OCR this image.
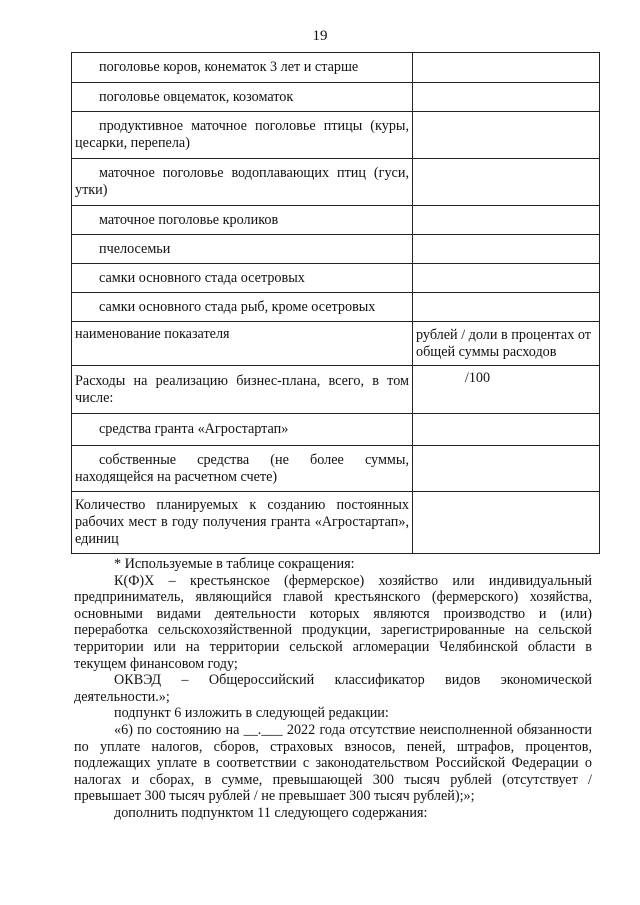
19
поголовье коров, конематок 3 лет и старше	
поголовье овцематок, козоматок	
продуктивное маточное поголовье птицы (куры, цесарки, перепела)	
маточное поголовье водоплавающих птиц (гуси, утки)	
маточное поголовье кроликов	
пчелосемьи	
самки основного стада осетровых	
самки основного стада рыб, кроме осетровых	
наименование показателя	рублей / доли в процентах от общей суммы расходов
Расходы на реализацию бизнес-плана, всего, в том числе:	/100
средства гранта «Агростартап»	
собственные средства (не более суммы, находящейся на расчетном счете)	
Количество планируемых к созданию постоянных рабочих мест в году получения гранта «Агростартап», единиц	

* Используемые в таблице сокращения:

К(Ф)Х – крестьянское (фермерское) хозяйство или индивидуальный предприниматель, являющийся главой крестьянского (фермерского) хозяйства, основными видами деятельности которых являются производство и (или) переработка сельскохозяйственной продукции, зарегистрированные на сельской территории или на территории сельской агломерации Челябинской области в текущем финансовом году;

ОКВЭД – Общероссийский классификатор видов экономической деятельности.»;

подпункт 6 изложить в следующей редакции:

«6) по состоянию на __.___ 2022 года отсутствие неисполненной обязанности по уплате налогов, сборов, страховых взносов, пеней, штрафов, процентов, подлежащих уплате в соответствии с законодательством Российской Федерации о налогах и сборах, в сумме, превышающей 300 тысяч рублей (отсутствует / превышает 300 тысяч рублей / не превышает 300 тысяч рублей);»;

дополнить подпунктом 11 следующего содержания:
